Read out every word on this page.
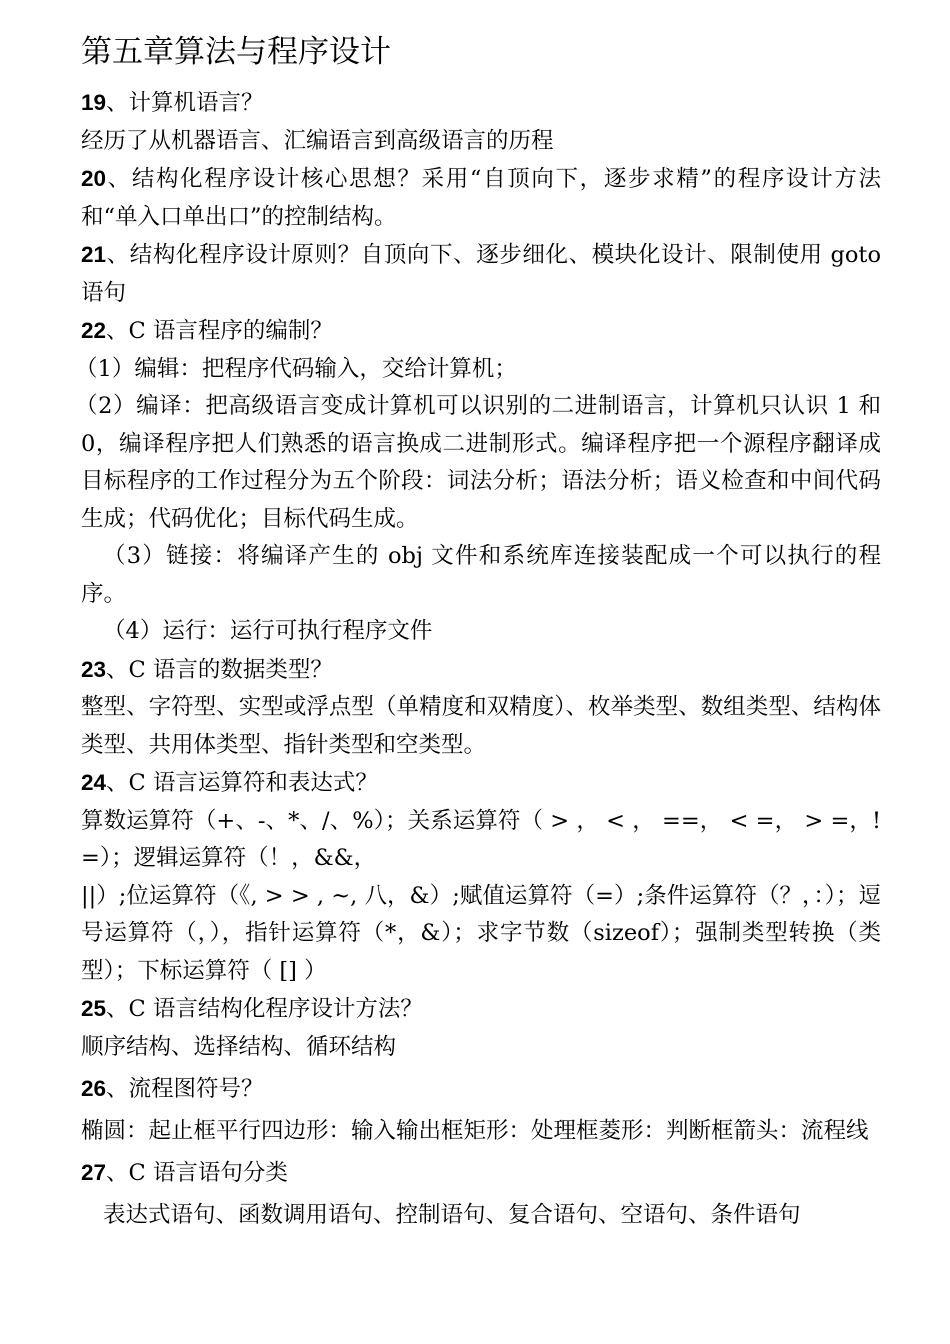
第五章算法与程序设计

19、计算机语言？

经历了从机器语言、汇编语言到高级语言的历程

20、结构化程序设计核心思想？采用“自顶向下，逐步求精”的程序设计方法和“单入口单出口”的控制结构。

21、结构化程序设计原则？自顶向下、逐步细化、模块化设计、限制使用 goto 语句

22、C 语言程序的编制？

（1）编辑：把程序代码输入，交给计算机；

（2）编译：把高级语言变成计算机可以识别的二进制语言，计算机只认识 1 和 0，编译程序把人们熟悉的语言换成二进制形式。编译程序把一个源程序翻译成目标程序的工作过程分为五个阶段：词法分析；语法分析；语义检查和中间代码生成；代码优化；目标代码生成。

（3）链接：将编译产生的 obj 文件和系统库连接装配成一个可以执行的程序。

（4）运行：运行可执行程序文件

23、C 语言的数据类型？

整型、字符型、实型或浮点型（单精度和双精度）、枚举类型、数组类型、结构体类型、共用体类型、指针类型和空类型。

24、C 语言运算符和表达式？

算数运算符（+、-、*、/、%）；关系运算符（ > ， < ， ==， < =， > =，!=）；逻辑运算符（！，&&，

||）;位运算符（《, > > , ~, 八，&）;赋值运算符（=）;条件运算符（？，：）；逗号运算符（，），指针运算符（*，&）；求字节数（sizeof）；强制类型转换（类型）；下标运算符（ [] ）

25、C 语言结构化程序设计方法？

顺序结构、选择结构、循环结构

26、流程图符号？

椭圆：起止框平行四边形：输入输出框矩形：处理框菱形：判断框箭头：流程线

27、C 语言语句分类

表达式语句、函数调用语句、控制语句、复合语句、空语句、条件语句
